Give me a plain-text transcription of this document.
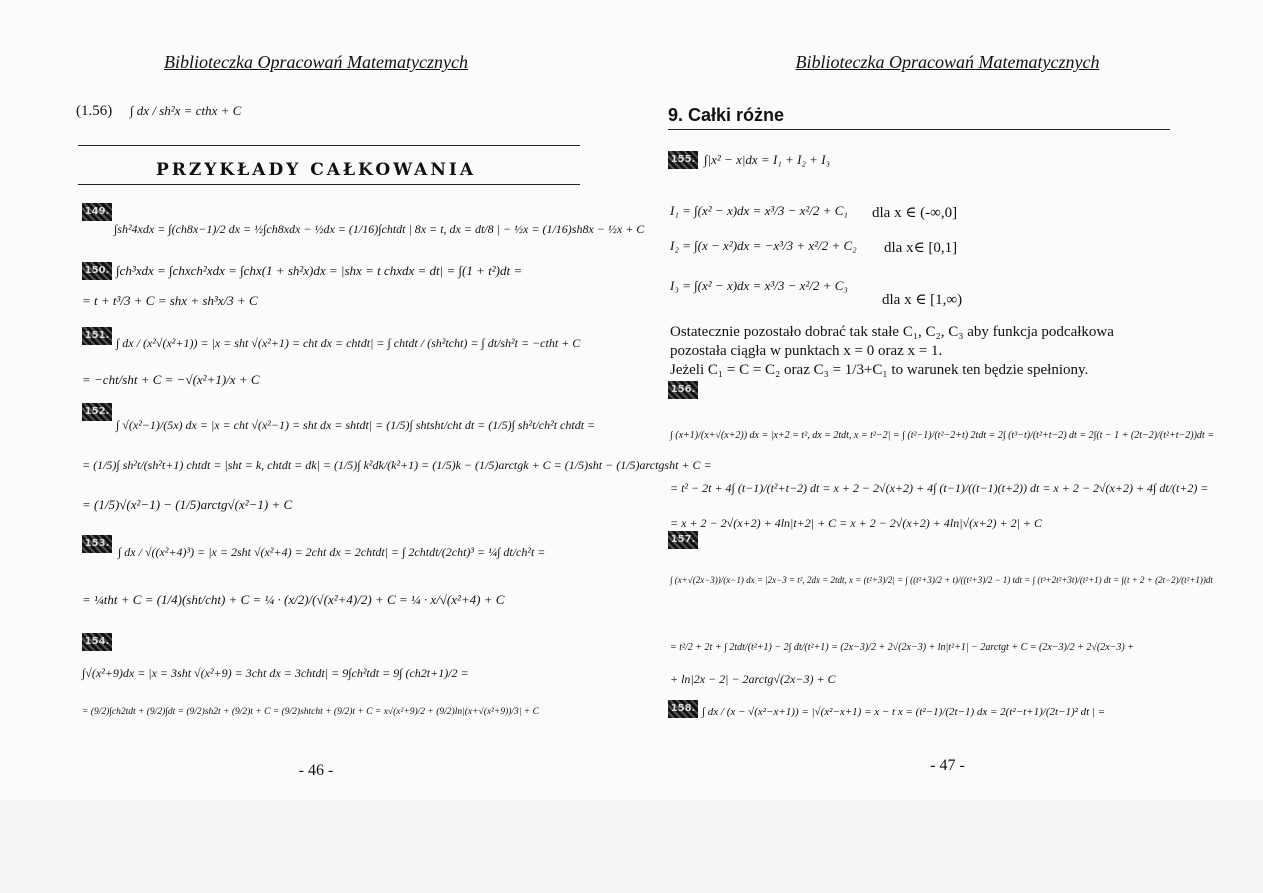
Biblioteczka Opracowań Matematycznych
(1.56) ∫ dx / sh²x = cthx + C
PRZYKŁADY CAŁKOWANIA
149.
∫sh²4xdx = ∫(ch8x−1)/2 dx = ½∫ch8xdx − ½dx = (1/16)∫chtdt | 8x = t, dx = dt/8 | − ½x = (1/16)sh8x − ½x + C
150. ∫ch³xdx = ∫chxch²xdx = ∫chx(1 + sh²x)dx = |shx = t chxdx = dt| = ∫(1 + t²)dt =
= t + t³/3 + C = shx + sh³x/3 + C
151.
∫ dx / (x²√(x²+1)) = |x = sht √(x²+1) = cht dx = chtdt| = ∫ chtdt / (sh²tcht) = ∫ dt/sh²t = −ctht + C
= −cht/sht + C = −√(x²+1)/x + C
152.
∫ √(x²−1)/(5x) dx = |x = cht √(x²−1) = sht dx = shtdt| = (1/5)∫ shtsht/cht dt = (1/5)∫ sh²t/ch²t chtdt =
= (1/5)∫ sh²t/(sh²t+1) chtdt = |sht = k, chtdt = dk| = (1/5)∫ k²dk/(k²+1) = (1/5)k − (1/5)arctgk + C = (1/5)sht − (1/5)arctgsht + C =
= (1/5)√(x²−1) − (1/5)arctg√(x²−1) + C
153.
∫ dx / √((x²+4)³) = |x = 2sht √(x²+4) = 2cht dx = 2chtdt| = ∫ 2chtdt/(2cht)³ = ¼∫ dt/ch²t =
= ¼tht + C = (1/4)(sht/cht) + C = ¼ · (x/2)/(√(x²+4)/2) + C = ¼ · x/√(x²+4) + C
154.
∫√(x²+9)dx = |x = 3sht √(x²+9) = 3cht dx = 3chtdt| = 9∫ch²tdt = 9∫ (ch2t+1)/2 =
= (9/2)∫ch2tdt + (9/2)∫dt = (9/2)sh2t + (9/2)t + C = (9/2)shtcht + (9/2)t + C = x√(x²+9)/2 + (9/2)ln|(x+√(x²+9))/3| + C
- 46 -
Biblioteczka Opracowań Matematycznych
9. Całki różne
155. ∫|x² − x|dx = I₁ + I₂ + I₃
I₁ = ∫(x² − x)dx = x³/3 − x²/2 + C₁ dla x ∈ (-∞,0]
I₂ = ∫(x − x²)dx = −x³/3 + x²/2 + C₂ dla x∈ [0,1]
I₃ = ∫(x² − x)dx = x³/3 − x²/2 + C₃
dla x ∈ [1,∞)
Ostatecznie pozostało dobrać tak stałe C₁, C₂, C₃ aby funkcja podcałkowa
pozostała ciągła w punktach x = 0 oraz x = 1.
Jeżeli C₁ = C = C₂ oraz C₃ = 1/3+C₁ to warunek ten będzie spełniony.
156.
∫ (x+1)/(x+√(x+2)) dx = |x+2 = t², dx = 2tdt, x = t²−2| = ∫ (t²−1)/(t²−2+t) 2tdt = 2∫ (t³−t)/(t²+t−2) dt = 2∫(t − 1 + (2t−2)/(t²+t−2))dt =
= t² − 2t + 4∫ (t−1)/(t²+t−2) dt = x + 2 − 2√(x+2) + 4∫ (t−1)/((t−1)(t+2)) dt = x + 2 − 2√(x+2) + 4∫ dt/(t+2) =
= x + 2 − 2√(x+2) + 4ln|t+2| + C = x + 2 − 2√(x+2) + 4ln|√(x+2) + 2| + C
157.
∫ (x+√(2x−3))/(x−1) dx = |2x−3 = t², 2dx = 2tdt, x = (t²+3)/2| = ∫ ((t²+3)/2 + t)/((t²+3)/2 − 1) tdt = ∫ (t³+2t²+3t)/(t²+1) dt = ∫(t + 2 + (2t−2)/(t²+1))dt
= t²/2 + 2t + ∫ 2tdt/(t²+1) − 2∫ dt/(t²+1) = (2x−3)/2 + 2√(2x−3) + ln|t²+1| − 2arctgt + C = (2x−3)/2 + 2√(2x−3) +
+ ln|2x − 2| − 2arctg√(2x−3) + C
158. ∫ dx / (x − √(x²−x+1)) = |√(x²−x+1) = x − t x = (t²−1)/(2t−1) dx = 2(t²−t+1)/(2t−1)² dt | =
- 47 -
